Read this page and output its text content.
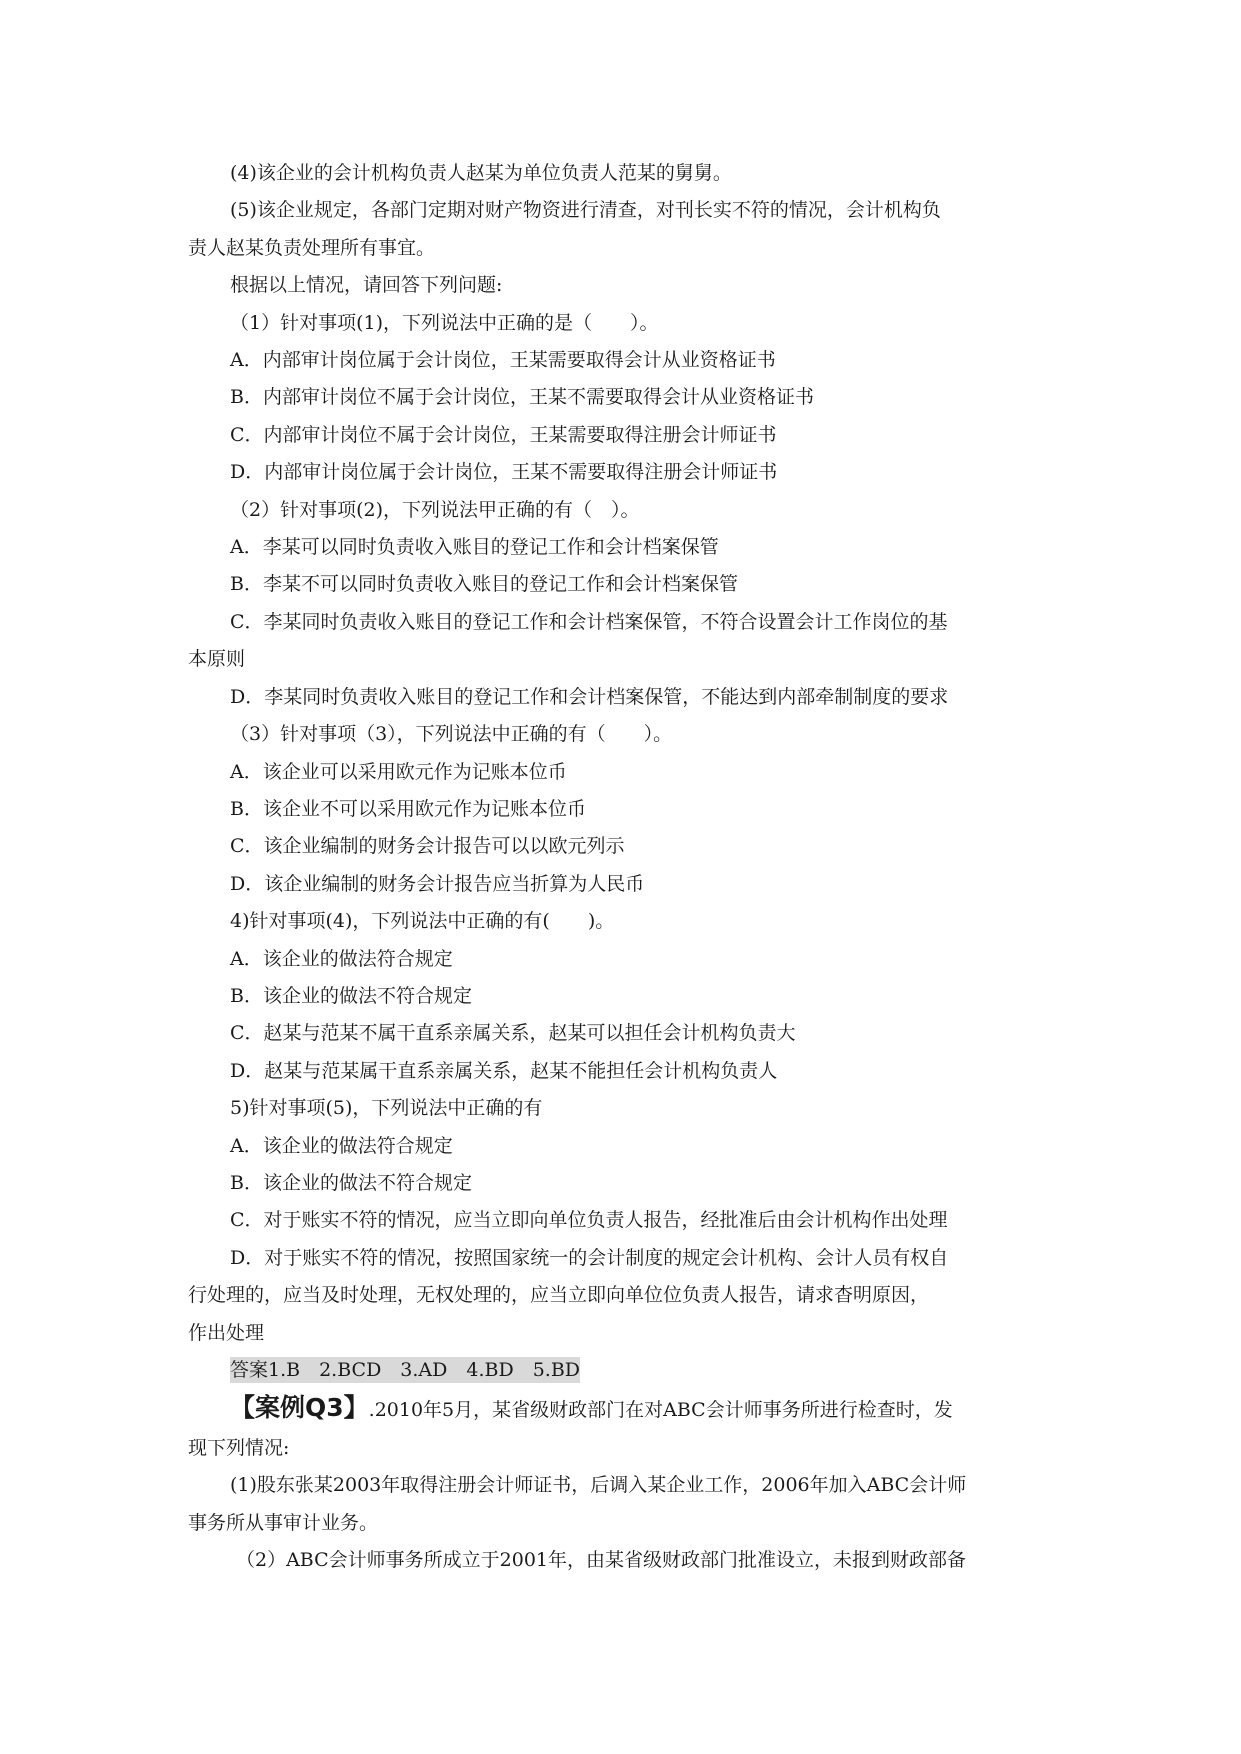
(4)该企业的会计机构负责人赵某为单位负责人范某的舅舅。
(5)该企业规定，各部门定期对财产物资进行清查，对刊长实不符的情况，会计机构负
责人赵某负责处理所有事宜。
根据以上情况，请回答下列问题:
（1）针对事项(1)，下列说法中正确的是（　　）。
A．内部审计岗位属于会计岗位，王某需要取得会计从业资格证书
B．内部审计岗位不属于会计岗位，王某不需要取得会计从业资格证书
C．内部审计岗位不属于会计岗位，王某需要取得注册会计师证书
D．内部审计岗位属于会计岗位，王某不需要取得注册会计师证书
（2）针对事项(2)，下列说法甲正确的有（　）。
A．李某可以同时负责收入账目的登记工作和会计档案保管
B．李某不可以同时负责收入账目的登记工作和会计档案保管
C．李某同时负责收入账目的登记工作和会计档案保管，不符合设置会计工作岗位的基
本原则
D．李某同时负责收入账目的登记工作和会计档案保管，不能达到内部牵制制度的要求
（3）针对事项（3），下列说法中正确的有（　　）。
A．该企业可以采用欧元作为记账本位币
B．该企业不可以采用欧元作为记账本位币
C．该企业编制的财务会计报告可以以欧元列示
D．该企业编制的财务会计报告应当折算为人民币
4)针对事项(4)，下列说法中正确的有(　　)。
A．该企业的做法符合规定
B．该企业的做法不符合规定
C．赵某与范某不属干直系亲属关系，赵某可以担任会计机构负责大
D．赵某与范某属干直系亲属关系，赵某不能担任会计机构负责人
5)针对事项(5)，下列说法中正确的有
A．该企业的做法符合规定
B．该企业的做法不符合规定
C．对于账实不符的情况，应当立即向单位负责人报告，经批准后由会计机构作出处理
D．对于账实不符的情况，按照国家统一的会计制度的规定会计机构、会计人员有权自
行处理的，应当及时处理，无权处理的，应当立即向单位位负责人报告，请求杳明原因，
作出处理
答案1.B　2.BCD　3.AD　4.BD　5.BD
【案例Q3】.2010年5月，某省级财政部门在对ABC会计师事务所进行检查时，发
现下列情况:
(1)股东张某2003年取得注册会计师证书，后调入某企业工作，2006年加入ABC会计师
事务所从事审计业务。
（2）ABC会计师事务所成立于2001年，由某省级财政部门批准设立，未报到财政部备
